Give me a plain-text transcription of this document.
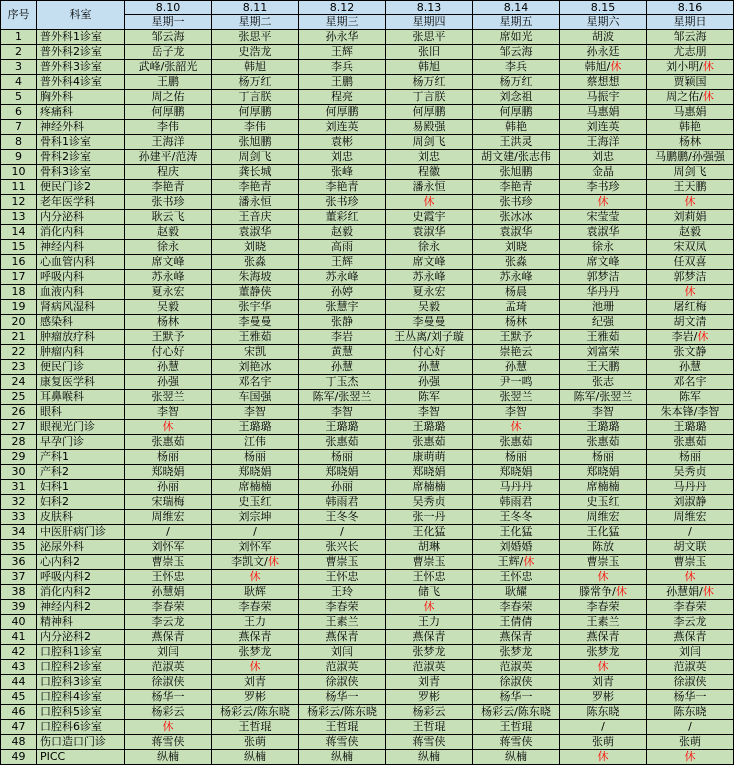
序号	科室	8.10	8.11	8.12	8.13	8.14	8.15	8.16
		星期一	星期二	星期三	星期四	星期五	星期六	星期日
1	普外科1诊室	邹云海	张思平	孙永华	张思平	席如光	胡波	邹云海
2	普外科2诊室	岳子龙	史浩龙	王辉	张旧	邹云海	孙永廷	尤志朋
3	普外科3诊室	武峰/张韶光	韩旭	李兵	韩旭	李兵	韩旭/休	刘小明/休
4	普外科4诊室	王鹏	杨万红	王鹏	杨万红	杨万红	蔡想想	贾颖国
5	胸外科	周之佑	丁言朕	程亮	丁言朕	刘念祖	马振宇	周之佑/休
6	疼痛科	何厚鹏	何厚鹏	何厚鹏	何厚鹏	何厚鹏	马惠娟	马惠娟
7	神经外科	李伟	李伟	刘连英	易殿强	韩艳	刘连英	韩艳
8	骨科1诊室	王海洋	张旭鹏	袁彬	周剑飞	王洪灵	王海洋	杨林
9	骨科2诊室	孙建平/范涛	周剑飞	刘忠	刘忠	胡文建/张志伟	刘忠	马鹏鹏/孙强强
10	骨科3诊室	程庆	龚长城	张峰	程徽	张旭鹏	金晶	周剑飞
11	便民门诊2	李艳青	李艳青	李艳青	潘永恒	李艳青	李书珍	王天鹏
12	老年医学科	张书珍	潘永恒	张书珍	休	张书珍	休	休
13	内分泌科	耿云飞	王音庆	董彩红	史霞宇	张冰冰	宋莹莹	刘莉娟
14	消化内科	赵毅	袁淑华	赵毅	袁淑华	袁淑华	袁淑华	赵毅
15	神经内科	徐永	刘晓	高雨	徐永	刘晓	徐永	宋双凤
16	心血管内科	席文峰	张淼	王辉	席文峰	张淼	席文峰	任双喜
17	呼吸内科	苏永峰	朱海坡	苏永峰	苏永峰	苏永峰	郭梦洁	郭梦洁
18	血液内科	夏永宏	董静侠	孙婷	夏永宏	杨晨	华丹丹	休
19	肾病风湿科	吴毅	张宇华	张慧宇	吴毅	孟琦	池珊	屠红梅
20	感染科	杨林	李曼曼	张静	李曼曼	杨林	纪强	胡文清
21	肿瘤放疗科	王默予	王雅茹	李岩	王丛离/刘子璇	王默予	王雅茹	李岩/休
22	肿瘤内科	付心好	宋凯	黄慧	付心好	崇艳云	刘富荣	张文静
23	便民门诊	孙慧	刘艳冰	孙慧	孙慧	孙慧	王天鹏	孙慧
24	康复医学科	孙强	邓名宇	丁玉杰	孙强	尹一鸣	张志	邓名宇
25	耳鼻喉科	张翌兰	车国强	陈军/张翌兰	陈军	张翌兰	陈军/张翌兰	陈军
26	眼科	李智	李智	李智	李智	李智	李智	朱本锋/李智
27	眼视光门诊	休	王璐璐	王璐璐	王璐璐	休	王璐璐	王璐璐
28	早孕门诊	张惠茹	江伟	张惠茹	张惠茹	张惠茹	张惠茹	张惠茹
29	产科1	杨丽	杨丽	杨丽	康萌萌	杨丽	杨丽	杨丽
30	产科2	郑晓娟	郑晓娟	郑晓娟	郑晓娟	郑晓娟	郑晓娟	吴秀贞
31	妇科1	孙丽	席楠楠	孙丽	席楠楠	马丹丹	席楠楠	马丹丹
32	妇科2	宋瑞梅	史玉红	韩雨君	吴秀贞	韩雨君	史玉红	刘淑静
33	皮肤科	周维宏	刘宗坤	王冬冬	张一丹	王冬冬	周维宏	周维宏
34	中医肝病门诊	/	/	/	王化猛	王化猛	王化猛	/
35	泌尿外科	刘怀军	刘怀军	张兴长	胡琳	刘婚婚	陈放	胡文联
36	心内科2	曹崇玉	李凯文/休	曹崇玉	曹崇玉	王辉/休	曹崇玉	曹崇玉
37	呼吸内科2	王怀忠	休	王怀忠	王怀忠	王怀忠	休	休
38	消化内科2	孙慧娟	耿辉	王玲	储飞	耿耀	滕常争/休	孙慧娟/休
39	神经内科2	李春荣	李春荣	李春荣	休	李春荣	李春荣	李春荣
40	精神科	李云龙	王力	王素兰	王力	王倩倩	王素兰	李云龙
41	内分泌科2	燕保青	燕保青	燕保青	燕保青	燕保青	燕保青	燕保青
42	口腔科1诊室	刘闫	张梦龙	刘闫	张梦龙	张梦龙	张梦龙	刘闫
43	口腔科2诊室	范淑英	休	范淑英	范淑英	范淑英	休	范淑英
44	口腔科3诊室	徐淑侠	刘青	徐淑侠	刘青	徐淑侠	刘青	徐淑侠
45	口腔科4诊室	杨华一	罗彬	杨华一	罗彬	杨华一	罗彬	杨华一
46	口腔科5诊室	杨彩云	杨彩云/陈东晓	杨彩云/陈东晓	杨彩云	杨彩云/陈东晓	陈东晓	陈东晓
47	口腔科6诊室	休	王哲琨	王哲琨	王哲琨	王哲琨	/	/
48	伤口造口门诊	蒋雪侠	张萌	蒋雪侠	蒋雪侠	蒋雪侠	张萌	张萌
49	PICC	纵楠	纵楠	纵楠	纵楠	纵楠	休	休
